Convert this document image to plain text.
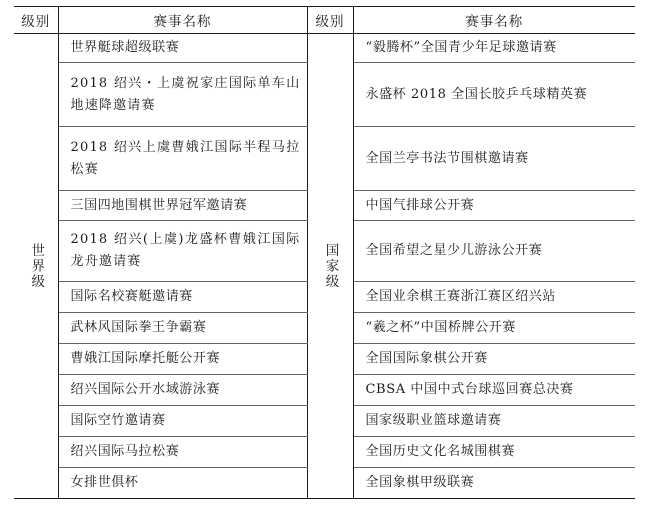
级别	赛事名称	级别	赛事名称
世界级	世界艇球超级联赛	国家级	“毅腾杯”全国青少年足球邀请赛
	2018 绍兴・上虞祝家庄国际单车山地速降邀请赛		永盛杯 2018 全国长胶乒乓球精英赛
	2018 绍兴上虞曹娥江国际半程马拉松赛		全国兰亭书法节围棋邀请赛
	三国四地围棋世界冠军邀请赛		中国气排球公开赛
	2018 绍兴(上虞)龙盛杯曹娥江国际龙舟邀请赛		全国希望之星少儿游泳公开赛
	国际名校赛艇邀请赛		全国业余棋王赛浙江赛区绍兴站
	武林风国际拳王争霸赛		“羲之杯”中国桥牌公开赛
	曹娥江国际摩托艇公开赛		全国国际象棋公开赛
	绍兴国际公开水域游泳赛		CBSA 中国中式台球巡回赛总决赛
	国际空竹邀请赛		国家级职业篮球邀请赛
	绍兴国际马拉松赛		全国历史文化名城围棋赛
	女排世俱杯		全国象棋甲级联赛
